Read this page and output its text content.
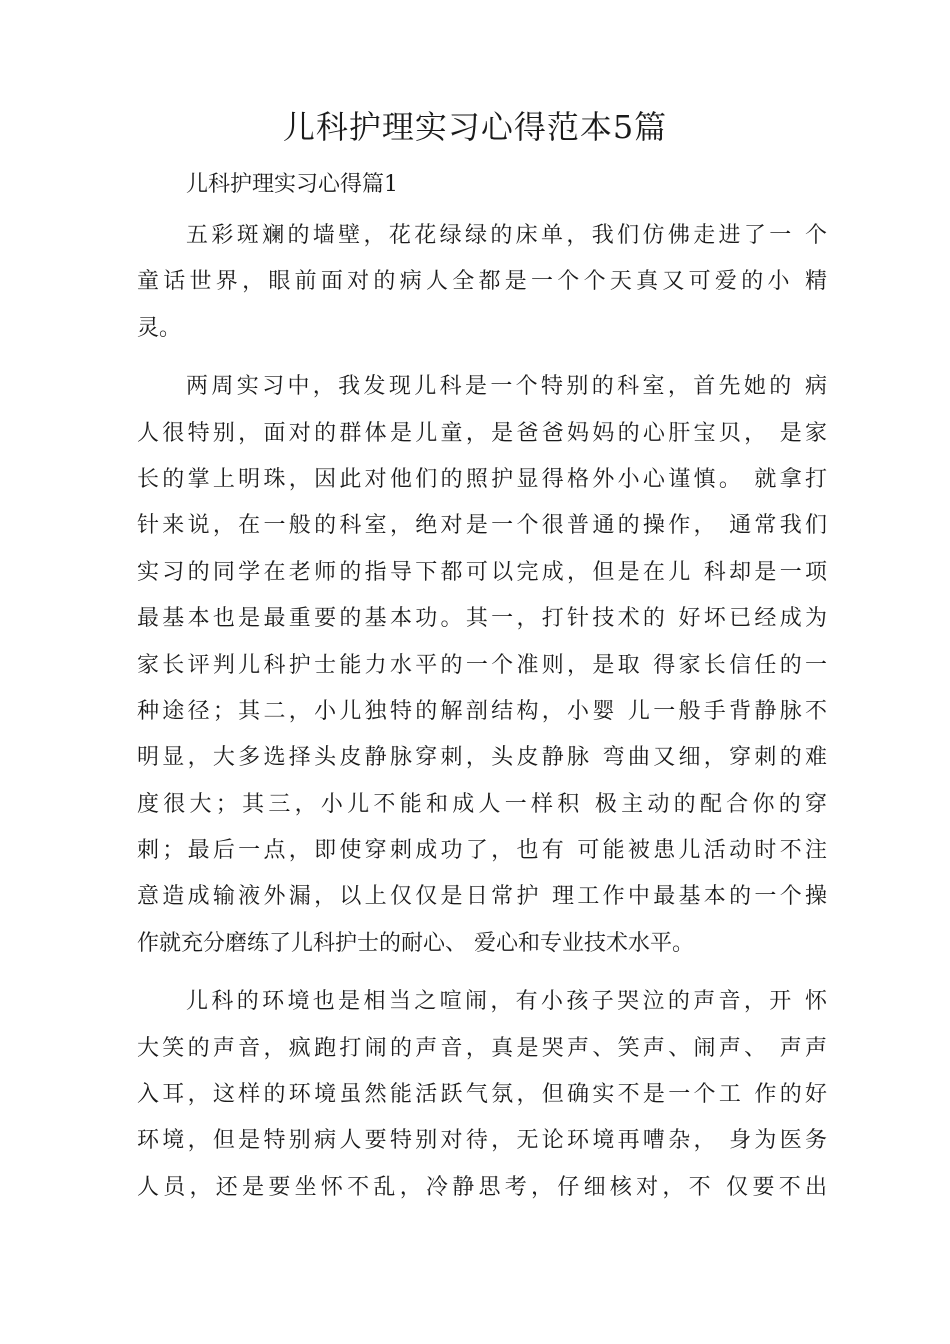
儿科护理实习心得范本5篇

儿科护理实习心得篇1

五彩斑斓的墙壁，花花绿绿的床单，我们仿佛走进了一 个
童话世界，眼前面对的病人全都是一个个天真又可爱的小 精
灵。
两周实习中，我发现儿科是一个特别的科室，首先她的 病
人很特别，面对的群体是儿童，是爸爸妈妈的心肝宝贝， 是家
长的掌上明珠，因此对他们的照护显得格外小心谨慎。 就拿打
针来说，在一般的科室，绝对是一个很普通的操作， 通常我们
实习的同学在老师的指导下都可以完成，但是在儿 科却是一项
最基本也是最重要的基本功。其一，打针技术的 好坏已经成为
家长评判儿科护士能力水平的一个准则，是取 得家长信任的一
种途径；其二，小儿独特的解剖结构，小婴 儿一般手背静脉不
明显，大多选择头皮静脉穿刺，头皮静脉 弯曲又细，穿刺的难
度很大；其三，小儿不能和成人一样积 极主动的配合你的穿
刺；最后一点，即使穿刺成功了，也有 可能被患儿活动时不注
意造成输液外漏，以上仅仅是日常护 理工作中最基本的一个操
作就充分磨练了儿科护士的耐心、 爱心和专业技术水平。
儿科的环境也是相当之喧闹，有小孩子哭泣的声音，开 怀
大笑的声音，疯跑打闹的声音，真是哭声、笑声、闹声、 声声
入耳，这样的环境虽然能活跃气氛，但确实不是一个工 作的好
环境，但是特别病人要特别对待，无论环境再嘈杂， 身为医务
人员，还是要坐怀不乱，冷静思考，仔细核对，不 仅要不出
